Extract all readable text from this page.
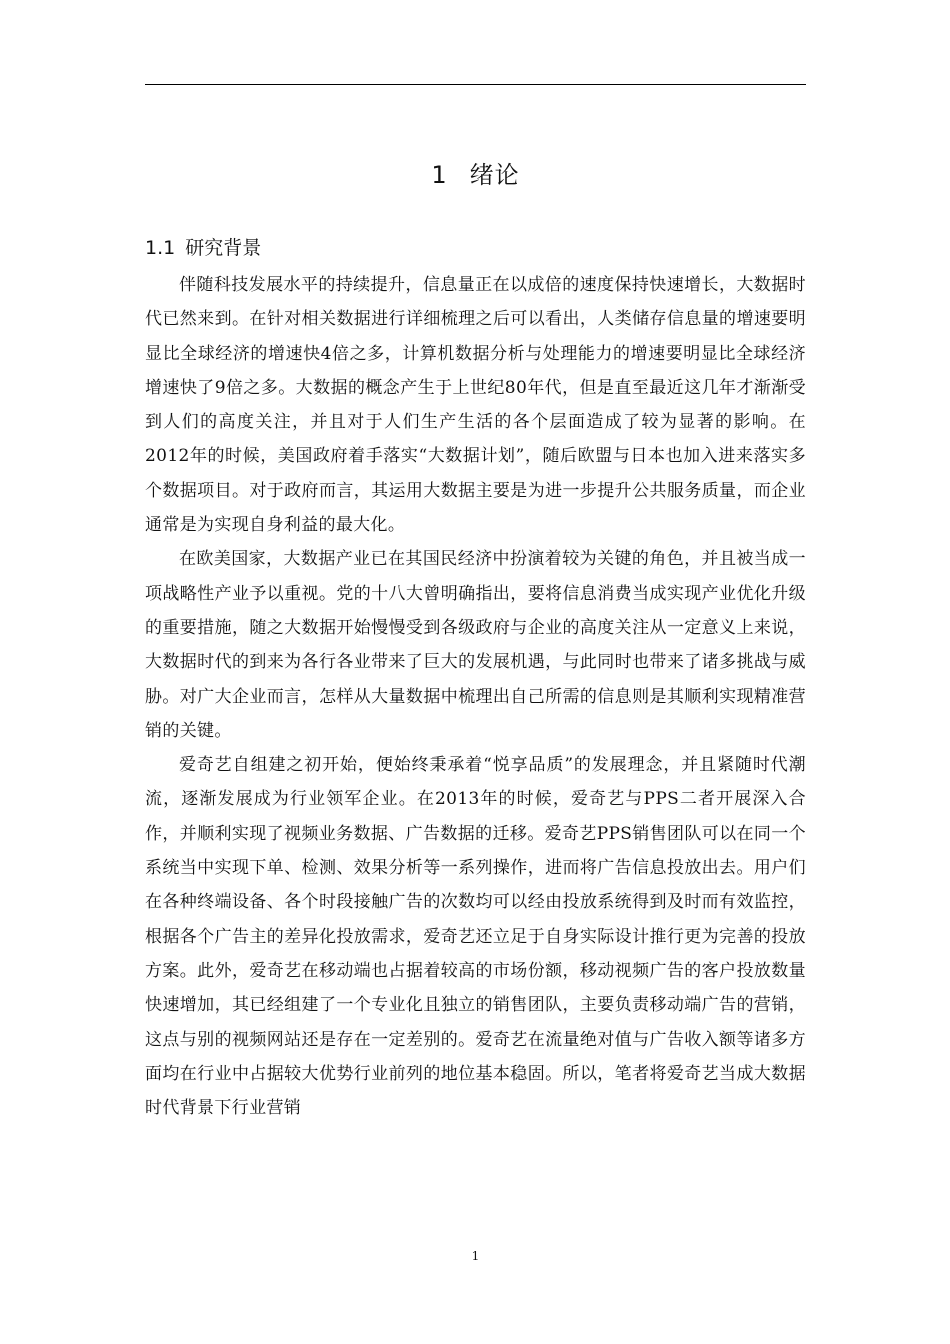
1 绪论
1.1 研究背景

伴随科技发展水平的持续提升，信息量正在以成倍的速度保持快速增长，大数据时代已然来到。在针对相关数据进行详细梳理之后可以看出，人类储存信息量的增速要明显比全球经济的增速快4倍之多，计算机数据分析与处理能力的增速要明显比全球经济增速快了9倍之多。大数据的概念产生于上世纪80年代，但是直至最近这几年才渐渐受到人们的高度关注，并且对于人们生产生活的各个层面造成了较为显著的影响。在2012年的时候，美国政府着手落实“大数据计划”，随后欧盟与日本也加入进来落实多个数据项目。对于政府而言，其运用大数据主要是为进一步提升公共服务质量，而企业通常是为实现自身利益的最大化。

在欧美国家，大数据产业已在其国民经济中扮演着较为关键的角色，并且被当成一项战略性产业予以重视。党的十八大曾明确指出，要将信息消费当成实现产业优化升级的重要措施，随之大数据开始慢慢受到各级政府与企业的高度关注从一定意义上来说，大数据时代的到来为各行各业带来了巨大的发展机遇，与此同时也带来了诸多挑战与威胁。对广大企业而言，怎样从大量数据中梳理出自己所需的信息则是其顺利实现精准营销的关键。

爱奇艺自组建之初开始，便始终秉承着“悦享品质”的发展理念，并且紧随时代潮流，逐渐发展成为行业领军企业。在2013年的时候，爱奇艺与PPS二者开展深入合作，并顺利实现了视频业务数据、广告数据的迁移。爱奇艺PPS销售团队可以在同一个系统当中实现下单、检测、效果分析等一系列操作，进而将广告信息投放出去。用户们在各种终端设备、各个时段接触广告的次数均可以经由投放系统得到及时而有效监控，根据各个广告主的差异化投放需求，爱奇艺还立足于自身实际设计推行更为完善的投放方案。此外，爱奇艺在移动端也占据着较高的市场份额，移动视频广告的客户投放数量快速增加，其已经组建了一个专业化且独立的销售团队，主要负责移动端广告的营销，这点与别的视频网站还是存在一定差别的。爱奇艺在流量绝对值与广告收入额等诸多方面均在行业中占据较大优势行业前列的地位基本稳固。所以，笔者将爱奇艺当成大数据时代背景下行业营销

1
